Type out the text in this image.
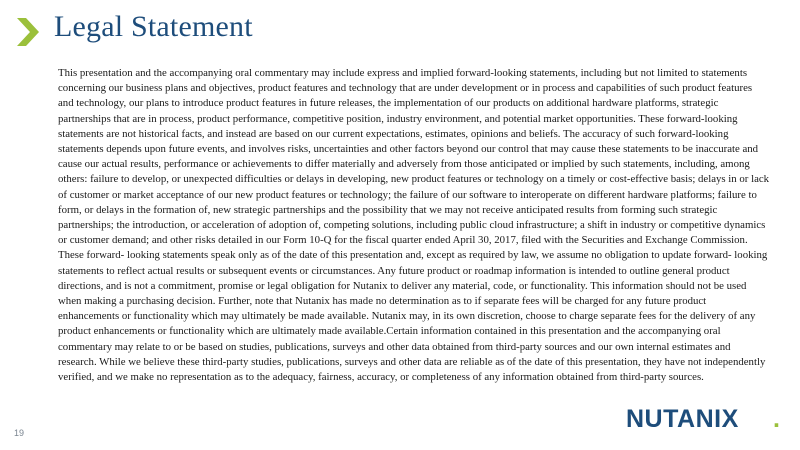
Legal Statement
This presentation and the accompanying oral commentary may include express and implied forward-looking statements, including but not limited to statements concerning our business plans and objectives, product features and technology that are under development or in process and capabilities of such product features and technology, our plans to introduce product features in future releases, the implementation of our products on additional hardware platforms, strategic partnerships that are in process, product performance, competitive position, industry environment, and potential market opportunities. These forward-looking statements are not historical facts, and instead are based on our current expectations, estimates, opinions and beliefs. The accuracy of such forward-looking statements depends upon future events, and involves risks, uncertainties and other factors beyond our control that may cause these statements to be inaccurate and cause our actual results, performance or achievements to differ materially and adversely from those anticipated or implied by such statements, including, among others: failure to develop, or unexpected difficulties or delays in developing, new product features or technology on a timely or cost-effective basis; delays in or lack of customer or market acceptance of our new product features or technology; the failure of our software to interoperate on different hardware platforms; failure to form, or delays in the formation of, new strategic partnerships and the possibility that we may not receive anticipated results from forming such strategic partnerships; the introduction, or acceleration of adoption of, competing solutions, including public cloud infrastructure; a shift in industry or competitive dynamics or customer demand; and other risks detailed in our Form 10-Q for the fiscal quarter ended April 30, 2017, filed with the Securities and Exchange Commission. These forward- looking statements speak only as of the date of this presentation and, except as required by law, we assume no obligation to update forward- looking statements to reflect actual results or subsequent events or circumstances. Any future product or roadmap information is intended to outline general product directions, and is not a commitment, promise or legal obligation for Nutanix to deliver any material, code, or functionality. This information should not be used when making a purchasing decision. Further, note that Nutanix has made no determination as to if separate fees will be charged for any future product enhancements or functionality which may ultimately be made available. Nutanix may, in its own discretion, choose to charge separate fees for the delivery of any product enhancements or functionality which are ultimately made available.Certain information contained in this presentation and the accompanying oral commentary may relate to or be based on studies, publications, surveys and other data obtained from third-party sources and our own internal estimates and research. While we believe these third-party studies, publications, surveys and other data are reliable as of the date of this presentation, they have not independently verified, and we make no representation as to the adequacy, fairness, accuracy, or completeness of any information obtained from third-party sources.
19	NUTANIX .
